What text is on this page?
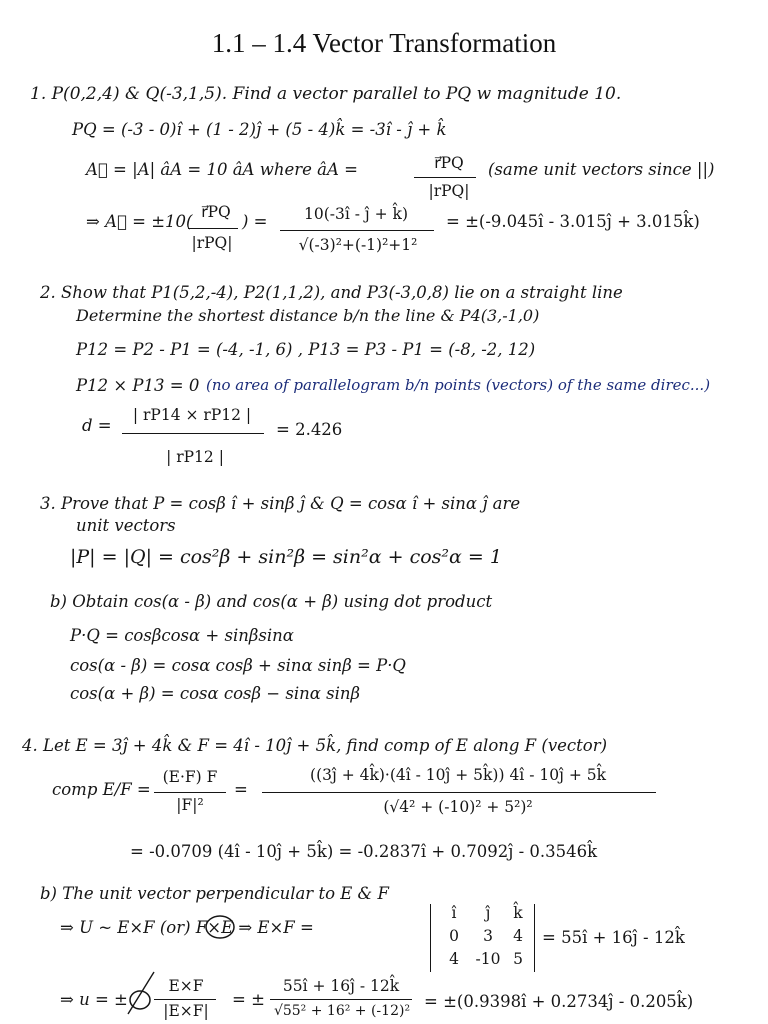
1.1 – 1.4 Vector Transformation
1. P(0,2,4) & Q(-3,1,5). Find a vector parallel to PQ w magnitude 10.
PQ = (-3 - 0)î + (1 - 2)ĵ + (5 - 4)k̂ = -3î - ĵ + k̂
A⃗ = |A| âA = 10 âA where âA =	r⃗PQ
|rPQ|
(same unit vectors since ||)
⇒ A⃗ = ±10( r⃗PQ
|rPQ|
) =	10(-3î - ĵ + k̂)
√(-3)²+(-1)²+1²
= ±(-9.045î - 3.015ĵ + 3.015k̂)
2. Show that P1(5,2,-4), P2(1,1,2), and P3(-3,0,8) lie on a straight line
Determine the shortest distance b/n the line & P4(3,-1,0)
P12 = P2 - P1 = (-4, -1, 6) , P13 = P3 - P1 = (-8, -2, 12)
P12 × P13 = 0 (no area of parallelogram b/n points (vectors) of the same direc...)
d =
| rP14 × rP12 |
| rP12 |
= 2.426
3. Prove that P = cosβ î + sinβ ĵ & Q = cosα î + sinα ĵ are
unit vectors
|P| = |Q| = cos²β + sin²β = sin²α + cos²α = 1
b) Obtain cos(α - β) and cos(α + β) using dot product
P·Q = cosβcosα + sinβsinα
cos(α - β) = cosα cosβ + sinα sinβ = P·Q
cos(α + β) = cosα cosβ − sinα sinβ
4. Let E = 3ĵ + 4k̂ & F = 4î - 10ĵ + 5k̂, find comp of E along F (vector)
comp E/F =
(E·F) F
|F|²
=
((3ĵ + 4k̂)·(4î - 10ĵ + 5k̂)) 4î - 10ĵ + 5k̂
(√4² + (-10)² + 5²)²
= -0.0709 (4î - 10ĵ + 5k̂) = -0.2837î + 0.7092ĵ - 0.3546k̂
b) The unit vector perpendicular to E & F
⇒ U ~ E×F (or) F×E ⇒ E×F =
î	ĵ	k̂
0	3	4
4	-10 5
= 55î + 16ĵ - 12k̂
⇒ u = ±
E×F
|E×F|
= ±
55î + 16ĵ - 12k̂
√55² + 16² + (-12)² = ±(0.9398î + 0.2734ĵ - 0.205k̂)
